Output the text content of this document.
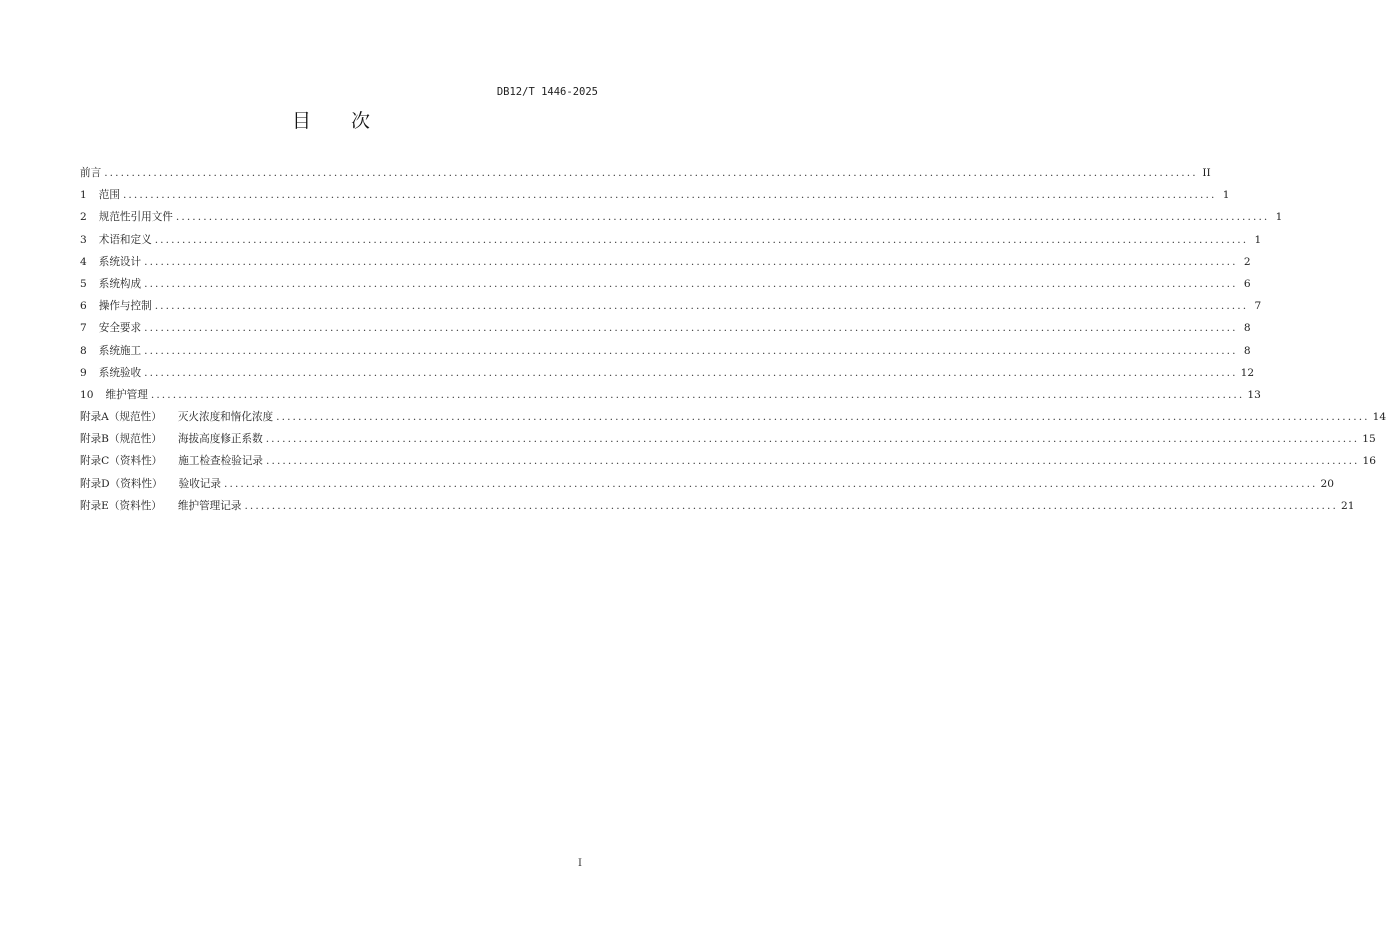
DB12/T 1446-2025
目 次
前言 ........................................................................................................................................................................................................ II
1 范围 ........................................................................................................................................................................................................ 1
2 规范性引用文件 ........................................................................................................................................................................................................ 1
3 术语和定义 ........................................................................................................................................................................................................ 1
4 系统设计 ........................................................................................................................................................................................................ 2
5 系统构成 ........................................................................................................................................................................................................ 6
6 操作与控制 ........................................................................................................................................................................................................ 7
7 安全要求 ........................................................................................................................................................................................................ 8
8 系统施工 ........................................................................................................................................................................................................ 8
9 系统验收 ........................................................................................................................................................................................................ 12
10 维护管理 ........................................................................................................................................................................................................ 13
附录A（规范性） 灭火浓度和惰化浓度 ........................................................................................................................................................................................................ 14
附录B（规范性） 海拔高度修正系数 ........................................................................................................................................................................................................ 15
附录C（资料性） 施工检查检验记录 ........................................................................................................................................................................................................ 16
附录D（资料性） 验收记录 ........................................................................................................................................................................................................ 20
附录E（资料性） 维护管理记录 ........................................................................................................................................................................................................ 21
I
